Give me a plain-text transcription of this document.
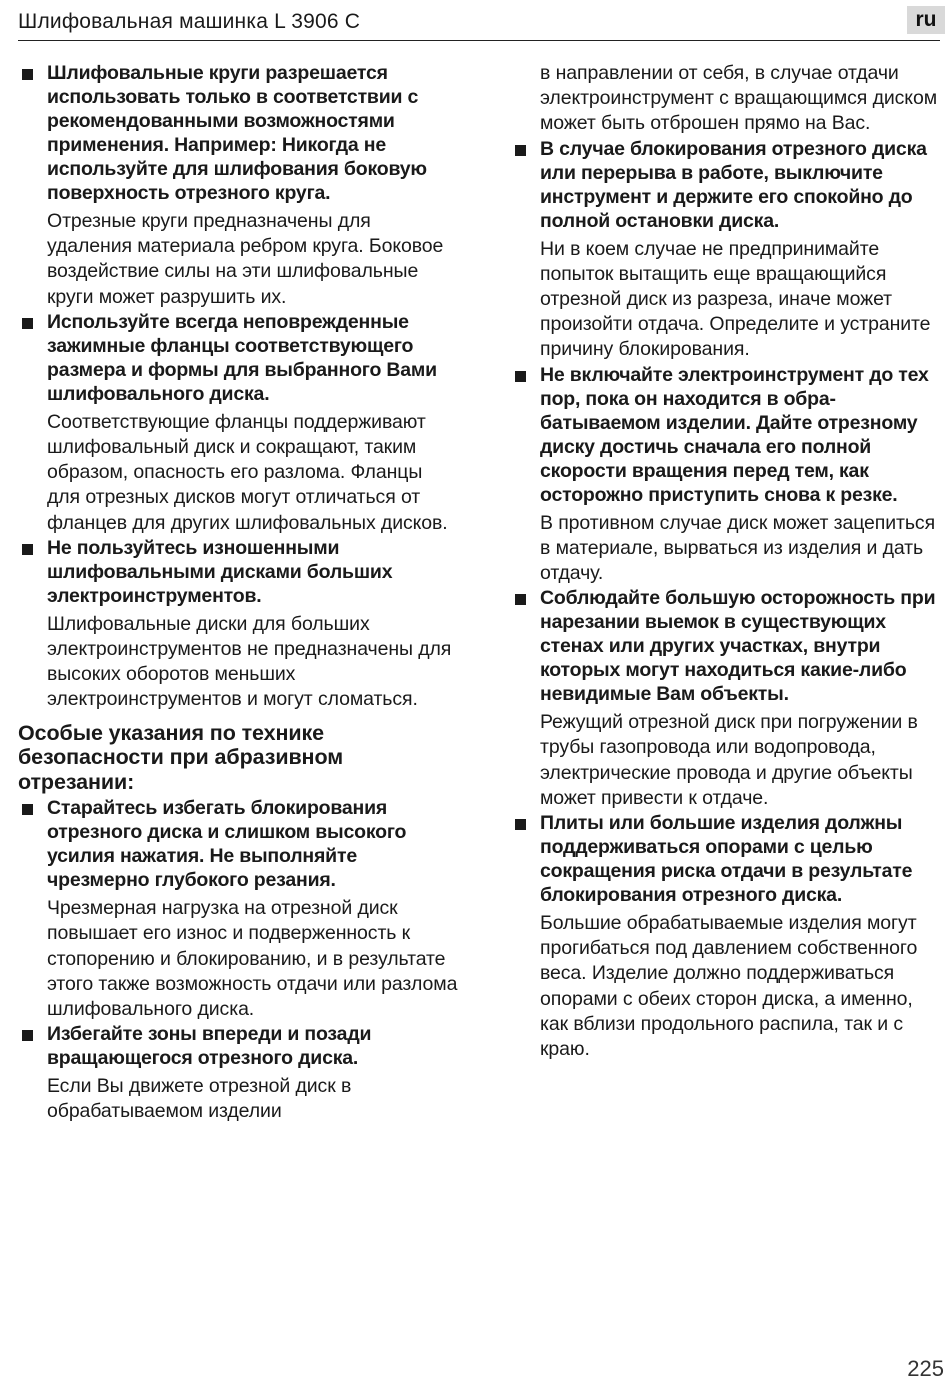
Шлифовальная машинка L 3906 C	ru

Шлифовальные круги разрешается использовать только в соответствии с рекомендованными возможностями применения. Например: Никогда не используйте для шлифования боковую поверхность отрезного круга.

Отрезные круги предназначены для удаления материала ребром круга. Боковое воздействие силы на эти шлифовальные круги может разрушить их.

Используйте всегда неповрежденные зажимные фланцы соответствующего размера и формы для выбранного Вами шлифовального диска.

Соответствующие фланцы поддерживают шлифовальный диск и сокращают, таким образом, опасность его разлома. Фланцы для отрезных дисков могут отличаться от фланцев для других шлифовальных дисков.

Не пользуйтесь изношенными шлифовальными дисками больших электроинструментов.

Шлифовальные диски для больших электроинструментов не предназначены для высоких оборотов меньших электроинструментов и могут сломаться.

Особые указания по технике безопасности при абразивном отрезании:

Старайтесь избегать блокирования отрезного диска и слишком высокого усилия нажатия. Не выполняйте чрезмерно глубокого резания.

Чрезмерная нагрузка на отрезной диск повышает его износ и подверженность к стопорению и блокированию, и в результате этого также возможность отдачи или разлома шлифовального диска.

Избегайте зоны впереди и позади вращающегося отрезного диска.

Если Вы движете отрезной диск в обрабатываемом изделии

в направлении от себя, в случае отдачи электроинструмент с вращающимся диском может быть отброшен прямо на Вас.

В случае блокирования отрезного диска или перерыва в работе, выключите инструмент и держите его спокойно до полной остановки диска.

Ни в коем случае не предпринимайте попыток вытащить еще вращающийся отрезной диск из разреза, иначе может произойти отдача. Определите и устраните причину блокирования.

Не включайте электроинструмент до тех пор, пока он находится в обрабатываемом изделии. Дайте отрезному диску достичь сначала его полной скорости вращения перед тем, как осторожно приступить снова к резке.

В противном случае диск может зацепиться в материале, вырваться из изделия и дать отдачу.

Соблюдайте большую осторожность при нарезании выемок в существующих стенах или других участках, внутри которых могут находиться какие-либо невидимые Вам объекты.

Режущий отрезной диск при погружении в трубы газопровода или водопровода, электрические провода и другие объекты может привести к отдаче.

Плиты или большие изделия должны поддерживаться опорами с целью сокращения риска отдачи в результате блокирования отрезного диска.

Большие обрабатываемые изделия могут прогибаться под давлением собственного веса. Изделие должно поддерживаться опорами с обеих сторон диска, а именно, как вблизи продольного распила, так и с краю.

225
